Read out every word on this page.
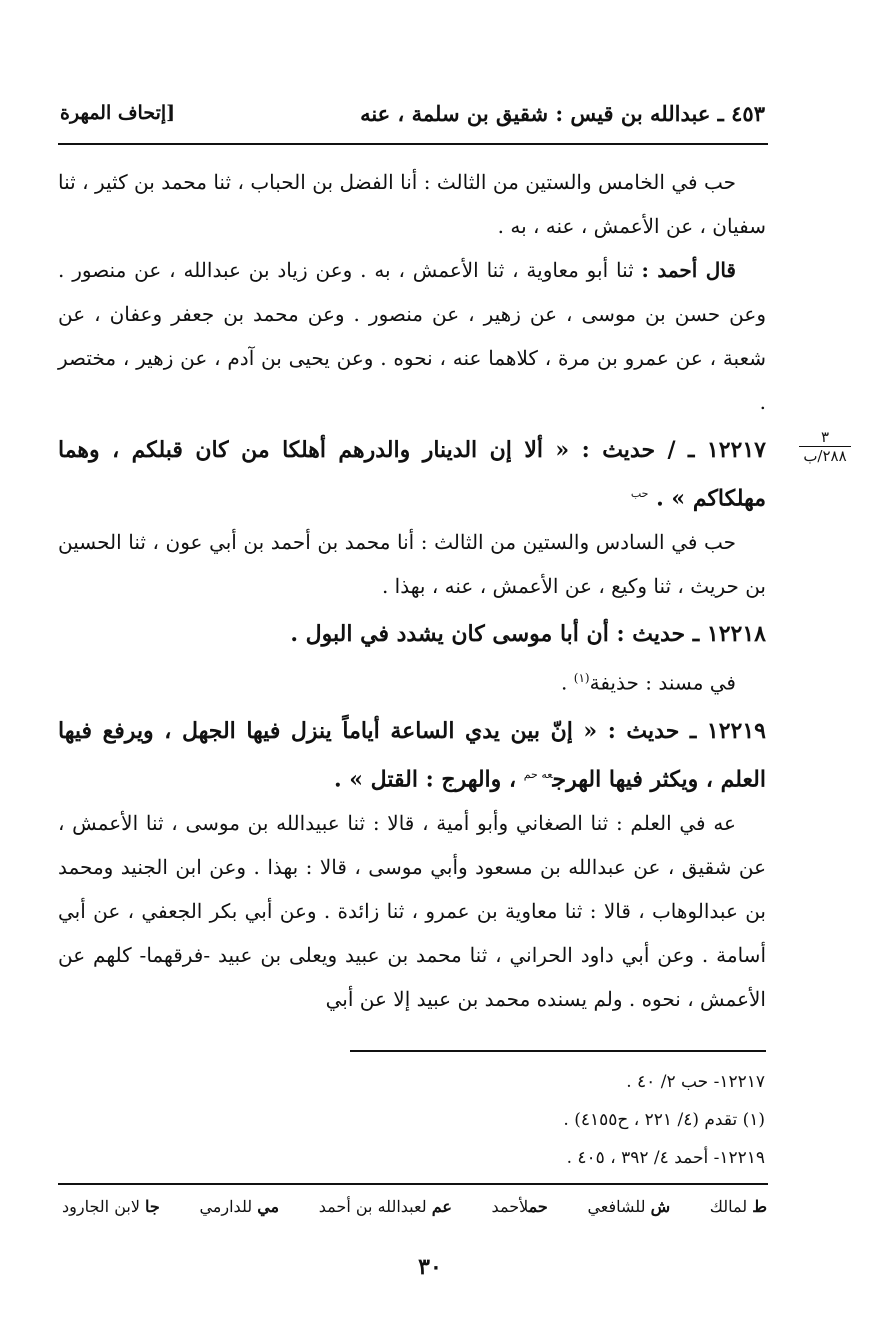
٤٥٣ ـ عبدالله بن قيس : شقيق بن سلمة ، عنه
[إتحاف المهرة
٣
٢٨٨/ب

حب في الخامس والستين من الثالث : أنا الفضل بن الحباب ، ثنا محمد بن كثير ، ثنا سفيان ، عن الأعمش ، عنه ، به .

قال أحمد : ثنا أبو معاوية ، ثنا الأعمش ، به . وعن زياد بن عبدالله ، عن منصور . وعن حسن بن موسى ، عن زهير ، عن منصور . وعن محمد بن جعفر وعفان ، عن شعبة ، عن عمرو بن مرة ، كلاهما عنه ، نحوه . وعن يحيى بن آدم ، عن زهير ، مختصر .

١٢٢١٧ ـ / حديث : « ألا إن الدينار والدرهم أهلكا من كان قبلكم ، وهما مهلكاكم » . $^{حب}$

حب في السادس والستين من الثالث : أنا محمد بن أحمد بن أبي عون ، ثنا الحسين بن حريث ، ثنا وكيع ، عن الأعمش ، عنه ، بهذا .

١٢٢١٨ ـ حديث : أن أبا موسى كان يشدد في البول .

في مسند : حذيفة$^{(١)}$ .

١٢٢١٩ ـ حديث : « إنّ بين يدي الساعة أياماً ينزل فيها الجهل ، ويرفع فيها العلم ، ويكثر فيها الهرج$^{عه حم}$ ، والهرج : القتل » .

عه في العلم : ثنا الصغاني وأبو أمية ، قالا : ثنا عبيدالله بن موسى ، ثنا الأعمش ، عن شقيق ، عن عبدالله بن مسعود وأبي موسى ، قالا : بهذا . وعن ابن الجنيد ومحمد بن عبدالوهاب ، قالا : ثنا معاوية بن عمرو ، ثنا زائدة . وعن أبي بكر الجعفي ، عن أبي أسامة . وعن أبي داود الحراني ، ثنا محمد بن عبيد ويعلى بن عبيد -فرقهما- كلهم عن الأعمش ، نحوه . ولم يسنده محمد بن عبيد إلا عن أبي

١٢٢١٧- حب ٢/ ٤٠ .
(١) تقدم (٤/ ٢٢١ ، ح٤١٥٥) .
١٢٢١٩- أحمد ٤/ ٣٩٢ ، ٤٠٥ .
ط لمالك
ش للشافعي
حملأحمد
عم لعبدالله بن أحمد
مي للدارمي
جا لابن الجارود
٣٠
